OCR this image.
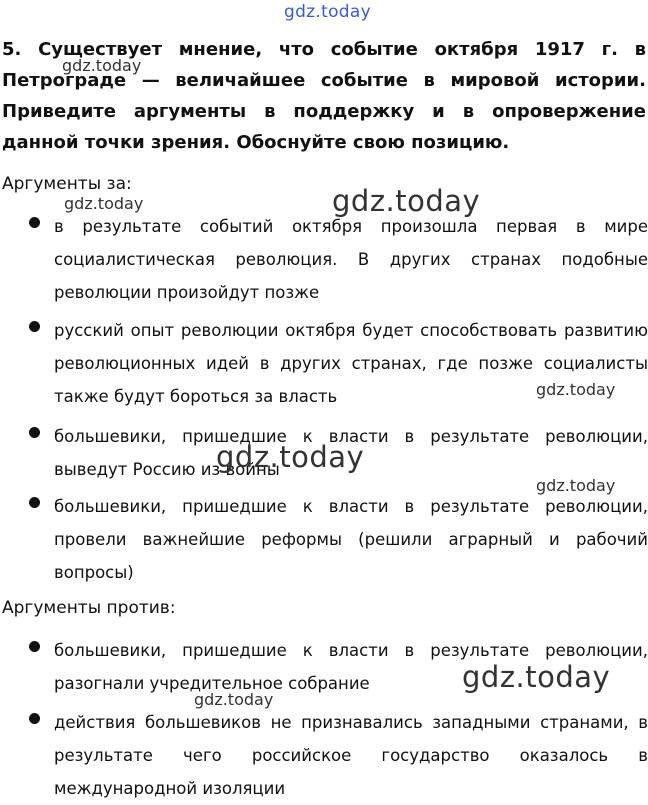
gdz.today
5. Существует мнение, что событие октября 1917 г. в Петрограде — величайшее событие в мировой истории. Приведите аргументы в поддержку и в опровержение данной точки зрения. Обоснуйте свою позицию.
Аргументы за:
в результате событий октября произошла первая в мире социалистическая революция. В других странах подобные революции произойдут позже
русский опыт революции октября будет способствовать развитию революционных идей в других странах, где позже социалисты также будут бороться за власть
большевики, пришедшие к власти в результате революции, выведут Россию из войны
большевики, пришедшие к власти в результате революции, провели важнейшие реформы (решили аграрный и рабочий вопросы)
Аргументы против:
большевики, пришедшие к власти в результате революции, разогнали учредительное собрание
действия большевиков не признавались западными странами, в результате чего российское государство оказалось в международной изоляции
gdz.today
gdz.today	gdz.today
gdz.today
gdz.today
gdz.today
gdz.today
gdz.today
